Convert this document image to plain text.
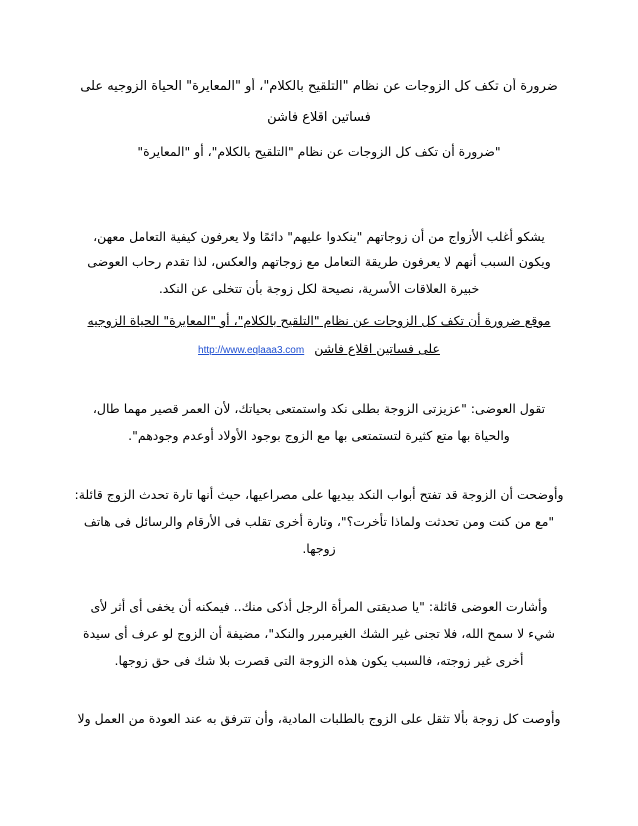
ضرورة أن تكف كل الزوجات عن نظام "التلقيح بالكلام"، أو "المعايرة" الحياة الزوجيه على
فساتين اقلاع فاشن
"ضرورة أن تكف كل الزوجات عن نظام "التلقيح بالكلام"، أو "المعايرة"
يشكو أغلب الأزواج من أن زوجاتهم "ينكدوا عليهم" دائمًا ولا يعرفون كيفية التعامل معهن،
ويكون السبب أنهم لا يعرفون طريقة التعامل مع زوجاتهم والعكس، لذا تقدم رحاب العوضى
خبيرة العلاقات الأسرية، نصيحة لكل زوجة بأن تتخلى عن النكد.
موقع ضرورة أن تكف كل الزوجات عن نظام "التلقيح بالكلام"، أو "المعايرة" الحياة الزوجيه
على فساتين اقلاع فاشن http://www.eqlaaa3.com
تقول العوضى: "عزيزتى الزوجة بطلى نكد واستمتعى بحياتك، لأن العمر قصير مهما طال،
والحياة بها متع كثيرة لتستمتعى بها مع الزوج بوجود الأولاد أوعدم وجودهم".
وأوضحت أن الزوجة قد تفتح أبواب النكد بيديها على مصراعيها، حيث أنها تارة تحدث الزوج قائلة:
"مع من كنت ومن تحدثت ولماذا تأخرت؟"، وتارة أخرى تقلب فى الأرقام والرسائل فى هاتف
زوجها.
وأشارت العوضى قائلة: "يا صديقتى المرأة الرجل أذكى منك.. فيمكنه أن يخفى أى أثر لأى
شيء لا سمح الله، فلا تجنى غير الشك الغيرمبرر والنكد"، مضيفة أن الزوج لو عرف أى سيدة
أخرى غير زوجته، فالسبب يكون هذه الزوجة التى قصرت بلا شك فى حق زوجها.
وأوصت كل زوجة بألا تثقل على الزوج بالطلبات المادية، وأن تترفق به عند العودة من العمل ولا
